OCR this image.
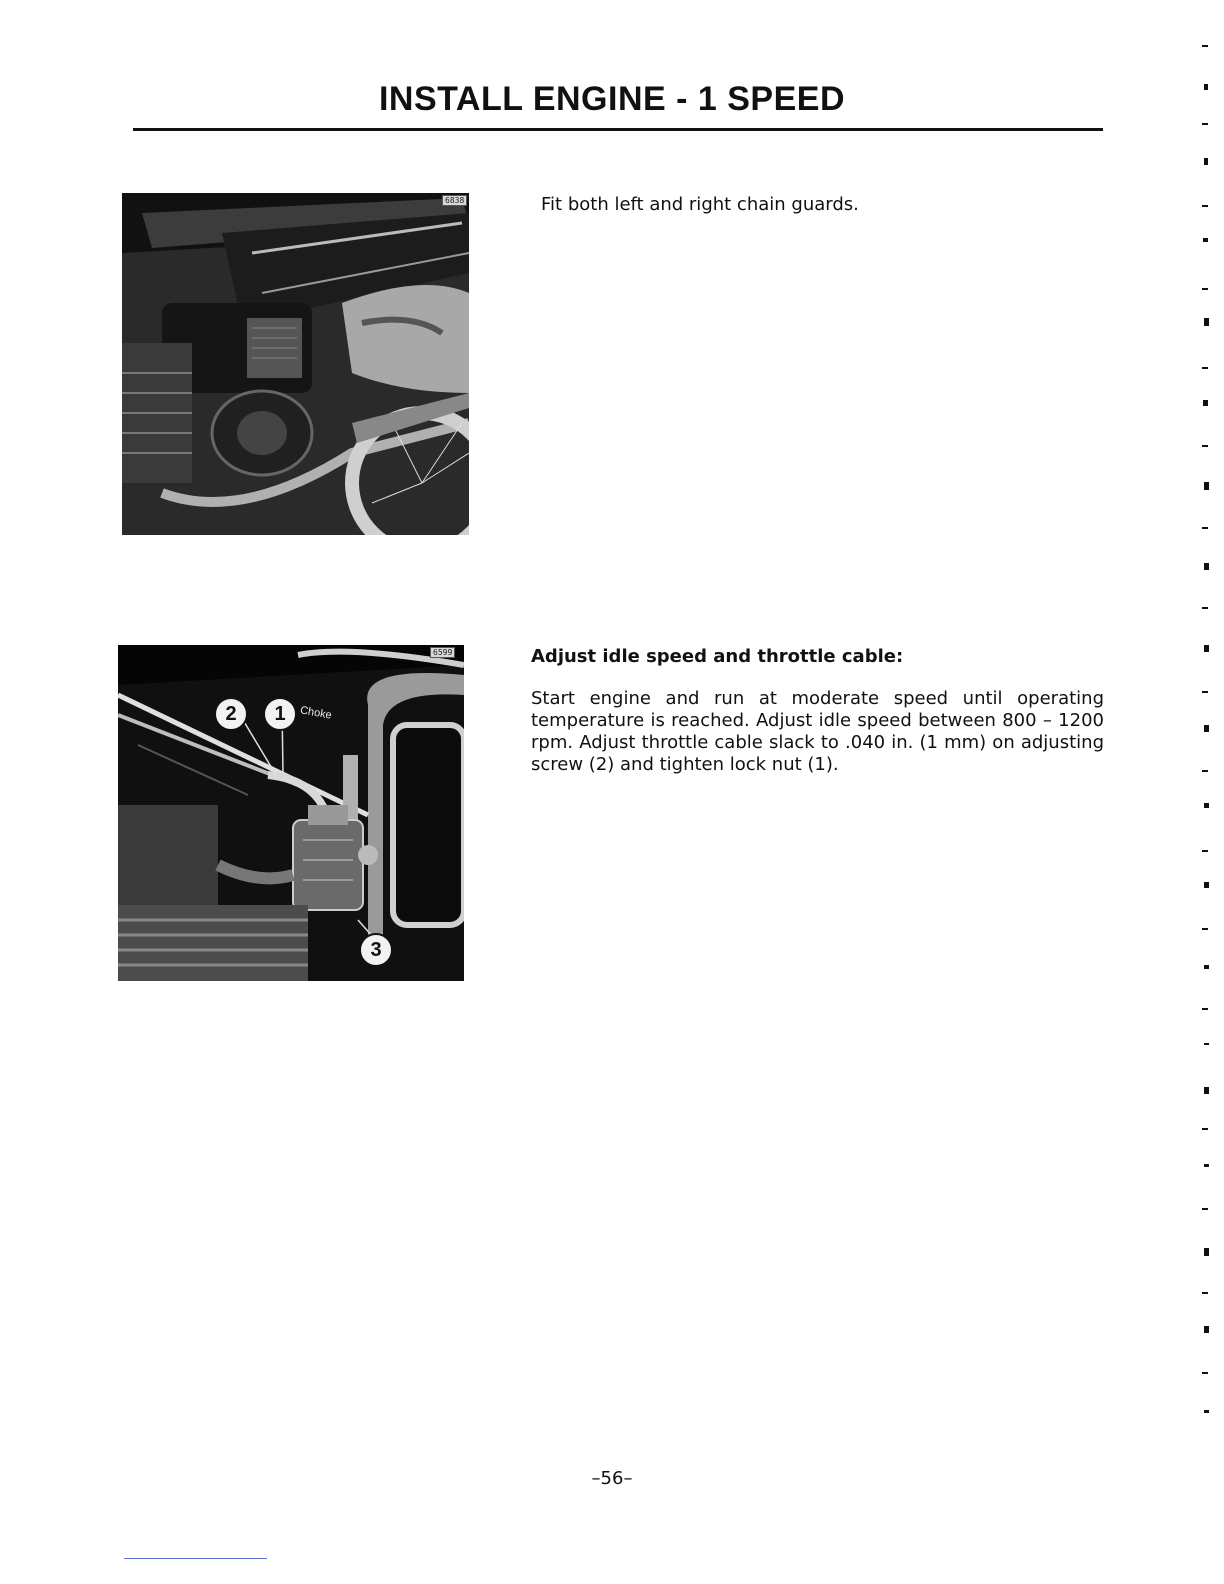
INSTALL ENGINE - 1 SPEED
6838	Fit both left and right chain guards.
6599
Choke
2	1
3
Adjust idle speed and throttle cable:
Start engine and run at moderate speed until operating temperature is reached. Adjust idle speed between 800 – 1200 rpm. Adjust throttle cable slack to .040 in. (1 mm) on adjusting screw (2) and tighten lock nut (1).
–56–
